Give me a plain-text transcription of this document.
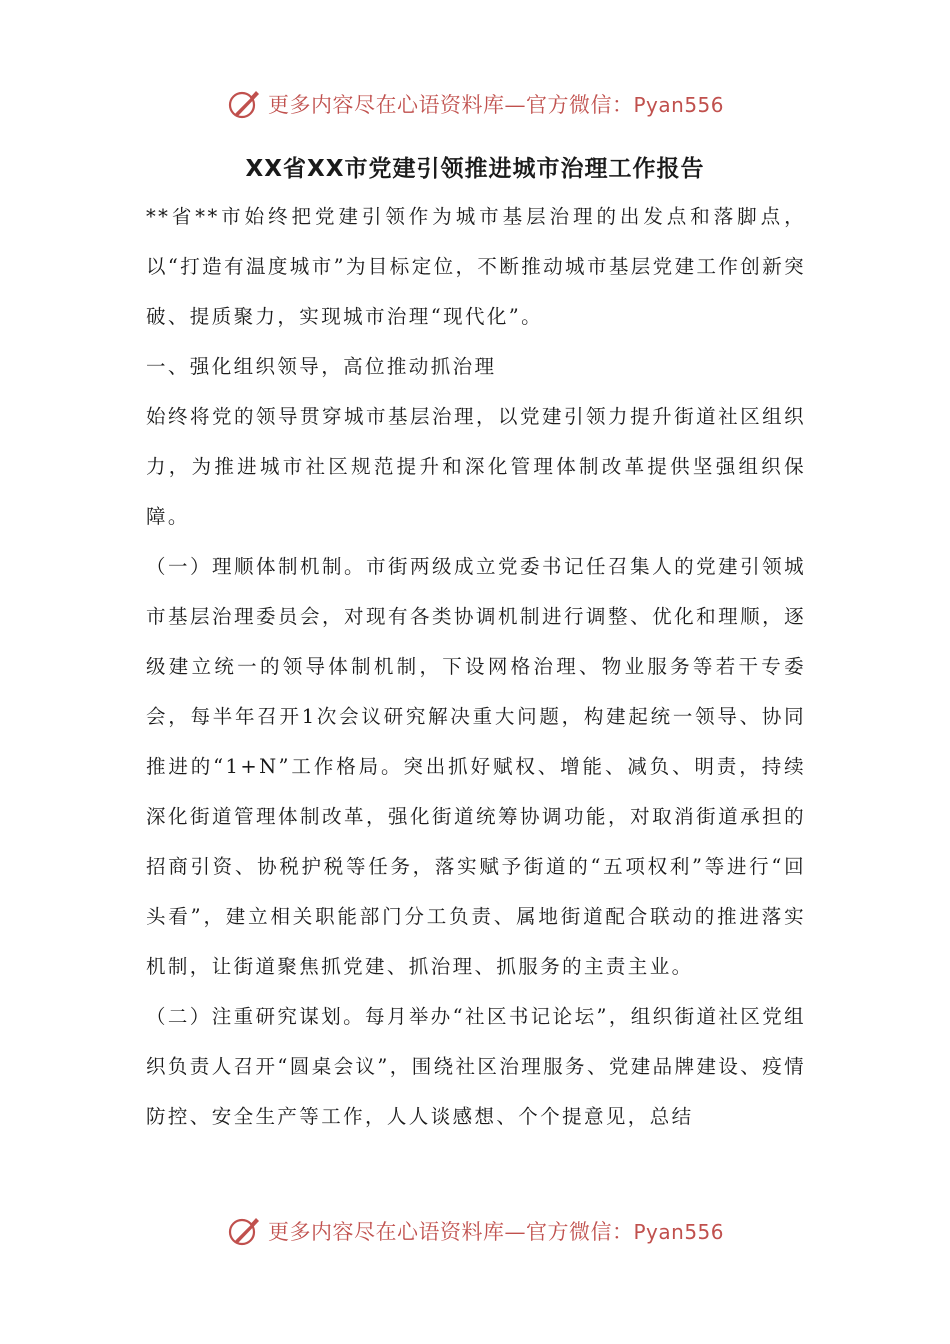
更多内容尽在心语资料库—官方微信：Pyan556
XX省XX市党建引领推进城市治理工作报告

**省**市始终把党建引领作为城市基层治理的出发点和落脚点，以“打造有温度城市”为目标定位，不断推动城市基层党建工作创新突破、提质聚力，实现城市治理“现代化”。

一、强化组织领导，高位推动抓治理

始终将党的领导贯穿城市基层治理，以党建引领力提升街道社区组织力，为推进城市社区规范提升和深化管理体制改革提供坚强组织保障。

（一）理顺体制机制。市街两级成立党委书记任召集人的党建引领城市基层治理委员会，对现有各类协调机制进行调整、优化和理顺，逐级建立统一的领导体制机制，下设网格治理、物业服务等若干专委会，每半年召开1次会议研究解决重大问题，构建起统一领导、协同推进的“1+N”工作格局。突出抓好赋权、增能、减负、明责，持续深化街道管理体制改革，强化街道统筹协调功能，对取消街道承担的招商引资、协税护税等任务，落实赋予街道的“五项权利”等进行“回头看”，建立相关职能部门分工负责、属地街道配合联动的推进落实机制，让街道聚焦抓党建、抓治理、抓服务的主责主业。

（二）注重研究谋划。每月举办“社区书记论坛”，组织街道社区党组织负责人召开“圆桌会议”，围绕社区治理服务、党建品牌建设、疫情防控、安全生产等工作，人人谈感想、个个提意见，总结

更多内容尽在心语资料库—官方微信：Pyan556
